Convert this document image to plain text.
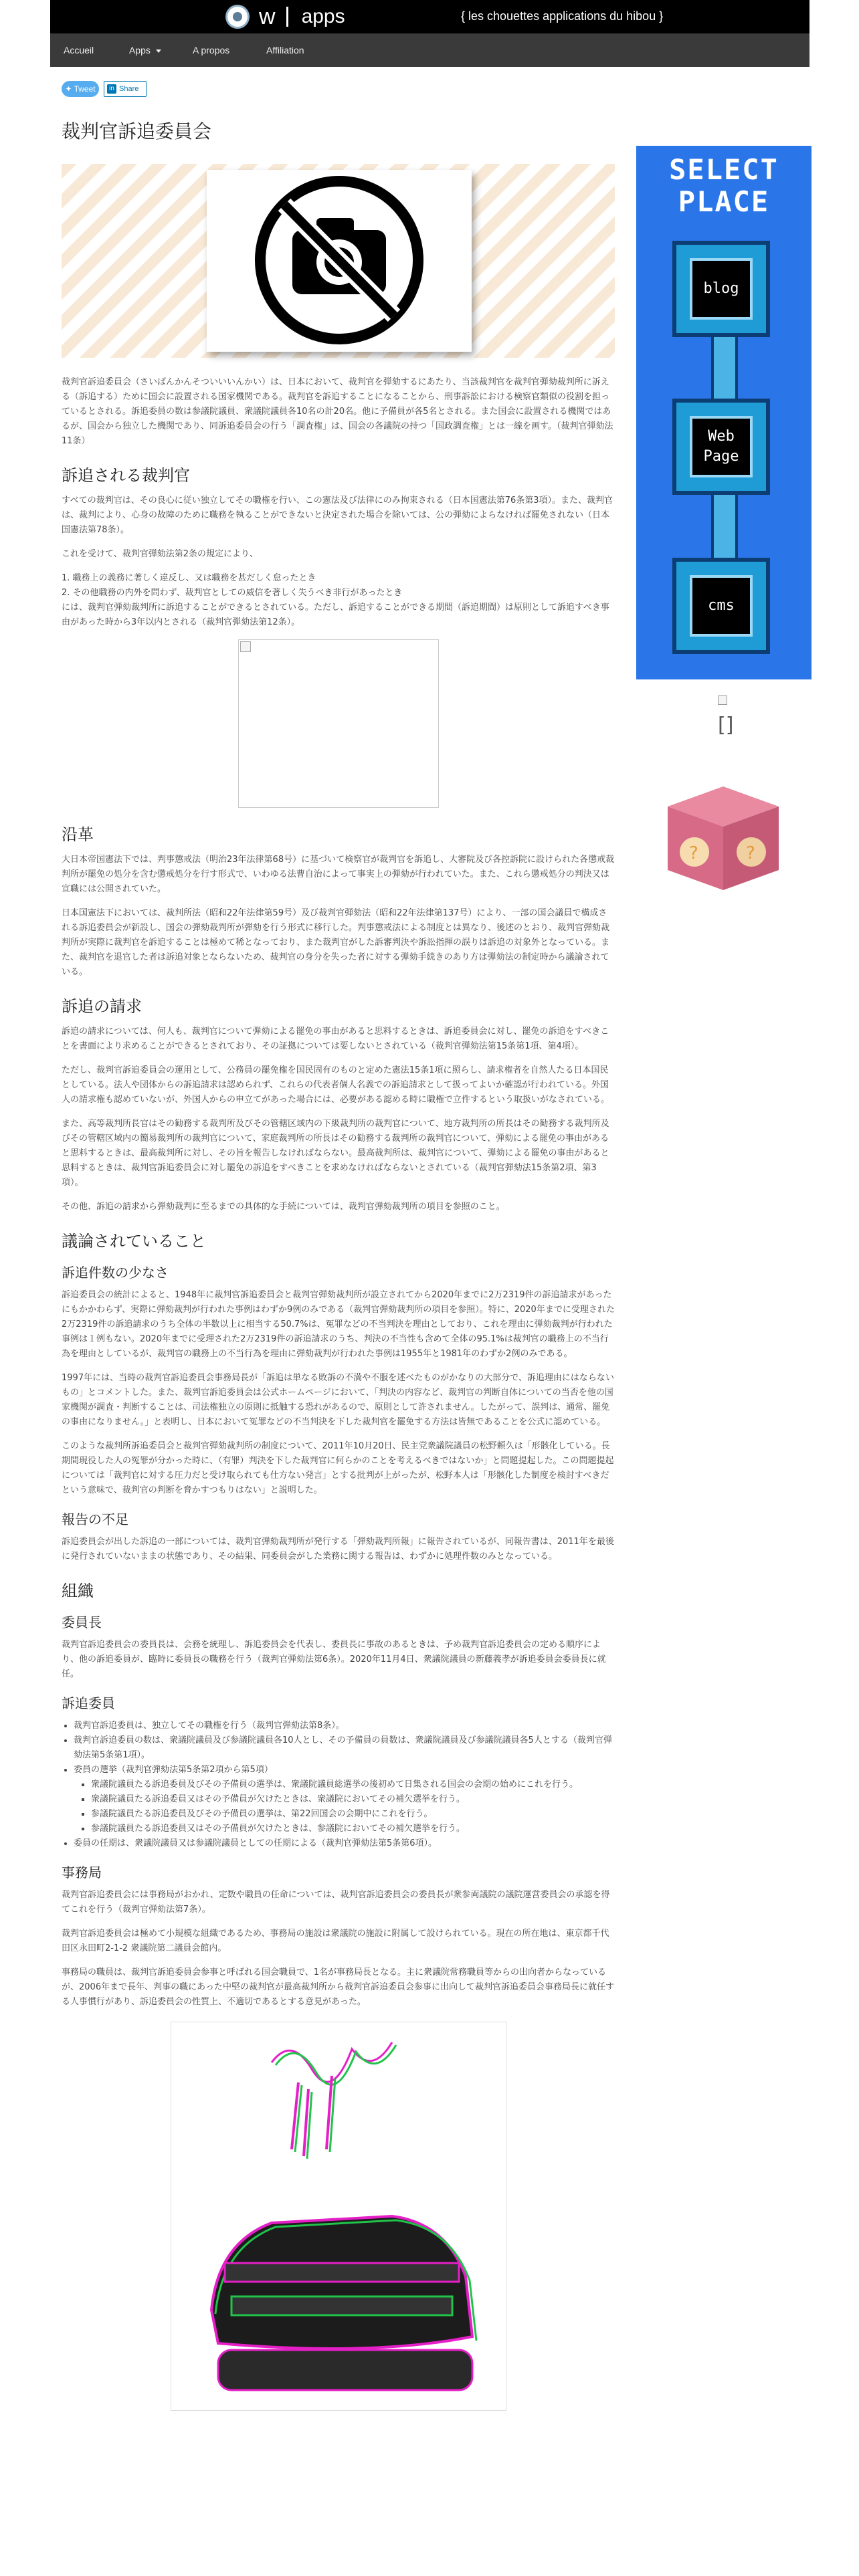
w apps	{ les chouettes applications du hibou }
Accueil	Apps	A propos	Affiliation
✦ Tweet	in Share
裁判官訴追委員会

裁判官訴追委員会（さいばんかんそついいいんかい）は、日本において、裁判官を弾劾するにあたり、当該裁判官を裁判官弾劾裁判所に訴える（訴追する）ために国会に設置される国家機関である。裁判官を訴追することになることから、刑事訴訟における検察官類似の役割を担っているとされる。訴追委員の数は参議院議員、衆議院議員各10名の計20名。他に予備員が各5名とされる。また国会に設置される機関ではあるが、国会から独立した機関であり、同訴追委員会の行う「調査権」は、国会の各議院の持つ「国政調査権」とは一線を画す。（裁判官弾劾法11条）

訴追される裁判官

すべての裁判官は、その良心に従い独立してその職権を行い、この憲法及び法律にのみ拘束される（日本国憲法第76条第3項）。また、裁判官は、裁判により、心身の故障のために職務を執ることができないと決定された場合を除いては、公の弾劾によらなければ罷免されない（日本国憲法第78条）。

これを受けて、裁判官弾劾法第2条の規定により、

1. 職務上の義務に著しく違反し、又は職務を甚だしく怠ったとき

2. その他職務の内外を問わず、裁判官としての威信を著しく失うべき非行があったとき

には、裁判官弾劾裁判所に訴追することができるとされている。ただし、訴追することができる期間（訴追期間）は原則として訴追すべき事由があった時から3年以内とされる（裁判官弾劾法第12条）。

沿革

大日本帝国憲法下では、判事懲戒法（明治23年法律第68号）に基づいて検察官が裁判官を訴追し、大審院及び各控訴院に設けられた各懲戒裁判所が罷免の処分を含む懲戒処分を行す形式で、いわゆる法曹自治によって事実上の弾劾が行われていた。また、これら懲戒処分の判決又は宣職には公開されていた。

日本国憲法下においては、裁判所法（昭和22年法律第59号）及び裁判官弾劾法（昭和22年法律第137号）により、一部の国会議員で構成される訴追委員会が新設し、国会の弾劾裁判所が弾劾を行う形式に移行した。判事懲戒法による制度とは異なり、後述のとおり、裁判官弾劾裁判所が実際に裁判官を訴追することは極めて稀となっており、また裁判官がした訴審判決や訴訟指揮の誤りは訴追の対象外となっている。また、裁判官を退官した者は訴追対象とならないため、裁判官の身分を失った者に対する弾劾手続きのあり方は弾劾法の制定時から議論されている。

訴追の請求

訴追の請求については、何人も、裁判官について弾劾による罷免の事由があると思料するときは、訴追委員会に対し、罷免の訴追をすべきことを書面により求めることができるとされており、その証拠については要しないとされている（裁判官弾劾法第15条第1項、第4項）。

ただし、裁判官訴追委員会の運用として、公務員の罷免権を国民固有のものと定めた憲法15条1項に照らし、請求権者を自然人たる日本国民としている。法人や団体からの訴追請求は認められず、これらの代表者個人名義での訴追請求として扱ってよいか確認が行われている。外国人の請求権も認めていないが、外国人からの申立てがあった場合には、必要がある認める時に職権で立件するという取扱いがなされている。

また、高等裁判所長官はその勧務する裁判所及びその管轄区域内の下級裁判所の裁判官について、地方裁判所の所長はその勧務する裁判所及びその管轄区域内の簡易裁判所の裁判官について、家庭裁判所の所長はその勧務する裁判所の裁判官について、弾劾による罷免の事由があると思料するときは、最高裁判所に対し、その旨を報告しなければならない。最高裁判所は、裁判官について、弾劾による罷免の事由があると思料するときは、裁判官訴追委員会に対し罷免の訴追をすべきことを求めなければならないとされている（裁判官弾劾法15条第2項、第3項）。

その他、訴追の請求から弾劾裁判に至るまでの具体的な手続については、裁判官弾劾裁判所の項目を参照のこと。

議論されていること
訴追件数の少なさ

訴追委員会の統計によると、1948年に裁判官訴追委員会と裁判官弾劾裁判所が設立されてから2020年までに2万2319件の訴追請求があったにもかかわらず、実際に弾劾裁判が行われた事例はわずか9例のみである（裁判官弾劾裁判所の項目を参照）。特に、2020年までに受理された2万2319件の訴追請求のうち全体の半数以上に相当する50.7%は、冤罪などの不当判決を理由としており、これを理由に弾劾裁判が行われた事例は１例もない。2020年までに受理された2万2319件の訴追請求のうち、判決の不当性も含めて全体の95.1%は裁判官の職務上の不当行為を理由としているが、裁判官の職務上の不当行為を理由に弾劾裁判が行われた事例は1955年と1981年のわずか2例のみである。

1997年には、当時の裁判官訴追委員会事務局長が「訴追は単なる敗訴の不満や不服を述べたものがかなりの大部分で、訴追理由にはならないもの」とコメントした。また、裁判官訴追委員会は公式ホームページにおいて、「判決の内容など、裁判官の判断自体についての当否を他の国家機関が調査・判断することは、司法権独立の原則に抵触する恐れがあるので、原則として許されません。したがって、誤判は、通常、罷免の事由になりません。」と表明し、日本において冤罪などの不当判決を下した裁判官を罷免する方法は皆無であることを公式に認めている。

このような裁判所訴追委員会と裁判官弾劾裁判所の制度について、2011年10月20日、民主党衆議院議員の松野頼久は「形骸化している。長期間現役した人の冤罪が分かった時に、（有罪）判決を下した裁判官に何らかのことを考えるべきではないか」と問題提起した。この問題提起については「裁判官に対する圧力だと受け取られても仕方ない発言」とする批判が上がったが、松野本人は「形骸化した制度を検討すべきだという意味で、裁判官の判断を脅かすつもりはない」と説明した。

報告の不足

訴追委員会が出した訴追の一部については、裁判官弾劾裁判所が発行する「弾劾裁判所報」に報告されているが、同報告書は、2011年を最後に発行されていないままの状態であり、その結果、同委員会がした業務に関する報告は、わずかに処理件数のみとなっている。

組織
委員長

裁判官訴追委員会の委員長は、会務を統理し、訴追委員会を代表し、委員長に事故のあるときは、予め裁判官訴追委員会の定める順序により、他の訴追委員が、臨時に委員長の職務を行う（裁判官弾劾法第6条）。2020年11月4日、衆議院議員の新藤義孝が訴追委員会委員長に就任。

訴追委員
• 裁判官訴追委員は、独立してその職権を行う（裁判官弾劾法第8条）。
• 裁判官訴追委員の数は、衆議院議員及び参議院議員各10人とし、その予備員の員数は、衆議院議員及び参議院議員各5人とする（裁判官弾劾法第5条第1項）。
• 委員の選挙（裁判官弾劾法第5条第2項から第5項）
▪ 衆議院議員たる訴追委員及びその予備員の選挙は、衆議院議員総選挙の後初めて日集される国会の会期の始めにこれを行う。
▪ 衆議院議員たる訴追委員又はその予備員が欠けたときは、衆議院においてその補欠選挙を行う。
▪ 参議院議員たる訴追委員及びその予備員の選挙は、第22回国会の会期中にこれを行う。
▪ 参議院議員たる訴追委員又はその予備員が欠けたときは、参議院においてその補欠選挙を行う。
• 委員の任期は、衆議院議員又は参議院議員としての任期による（裁判官弾劾法第5条第6項）。
事務局

裁判官訴追委員会には事務局がおかれ、定数や職員の任命については、裁判官訴追委員会の委員長が衆参両議院の議院運営委員会の承認を得てこれを行う（裁判官弾劾法第7条）。

裁判官訴追委員会は極めて小規模な組織であるため、事務局の施設は衆議院の施設に附属して設けられている。現在の所在地は、東京都千代田区永田町2-1-2 衆議院第二議員会館内。

事務局の職員は、裁判官訴追委員会参事と呼ばれる国会職員で、1名が事務局長となる。主に衆議院常務職員等からの出向者からなっているが、2006年まで長年、判事の職にあった中堅の裁判官が最高裁判所から裁判官訴追委員会参事に出向して裁判官訴追委員会事務局長に就任する人事慣行があり、訴追委員会の性質上、不適切であるとする意見があった。

SELECT
PLACE
blog
Web Page
cms
[]
?	?
